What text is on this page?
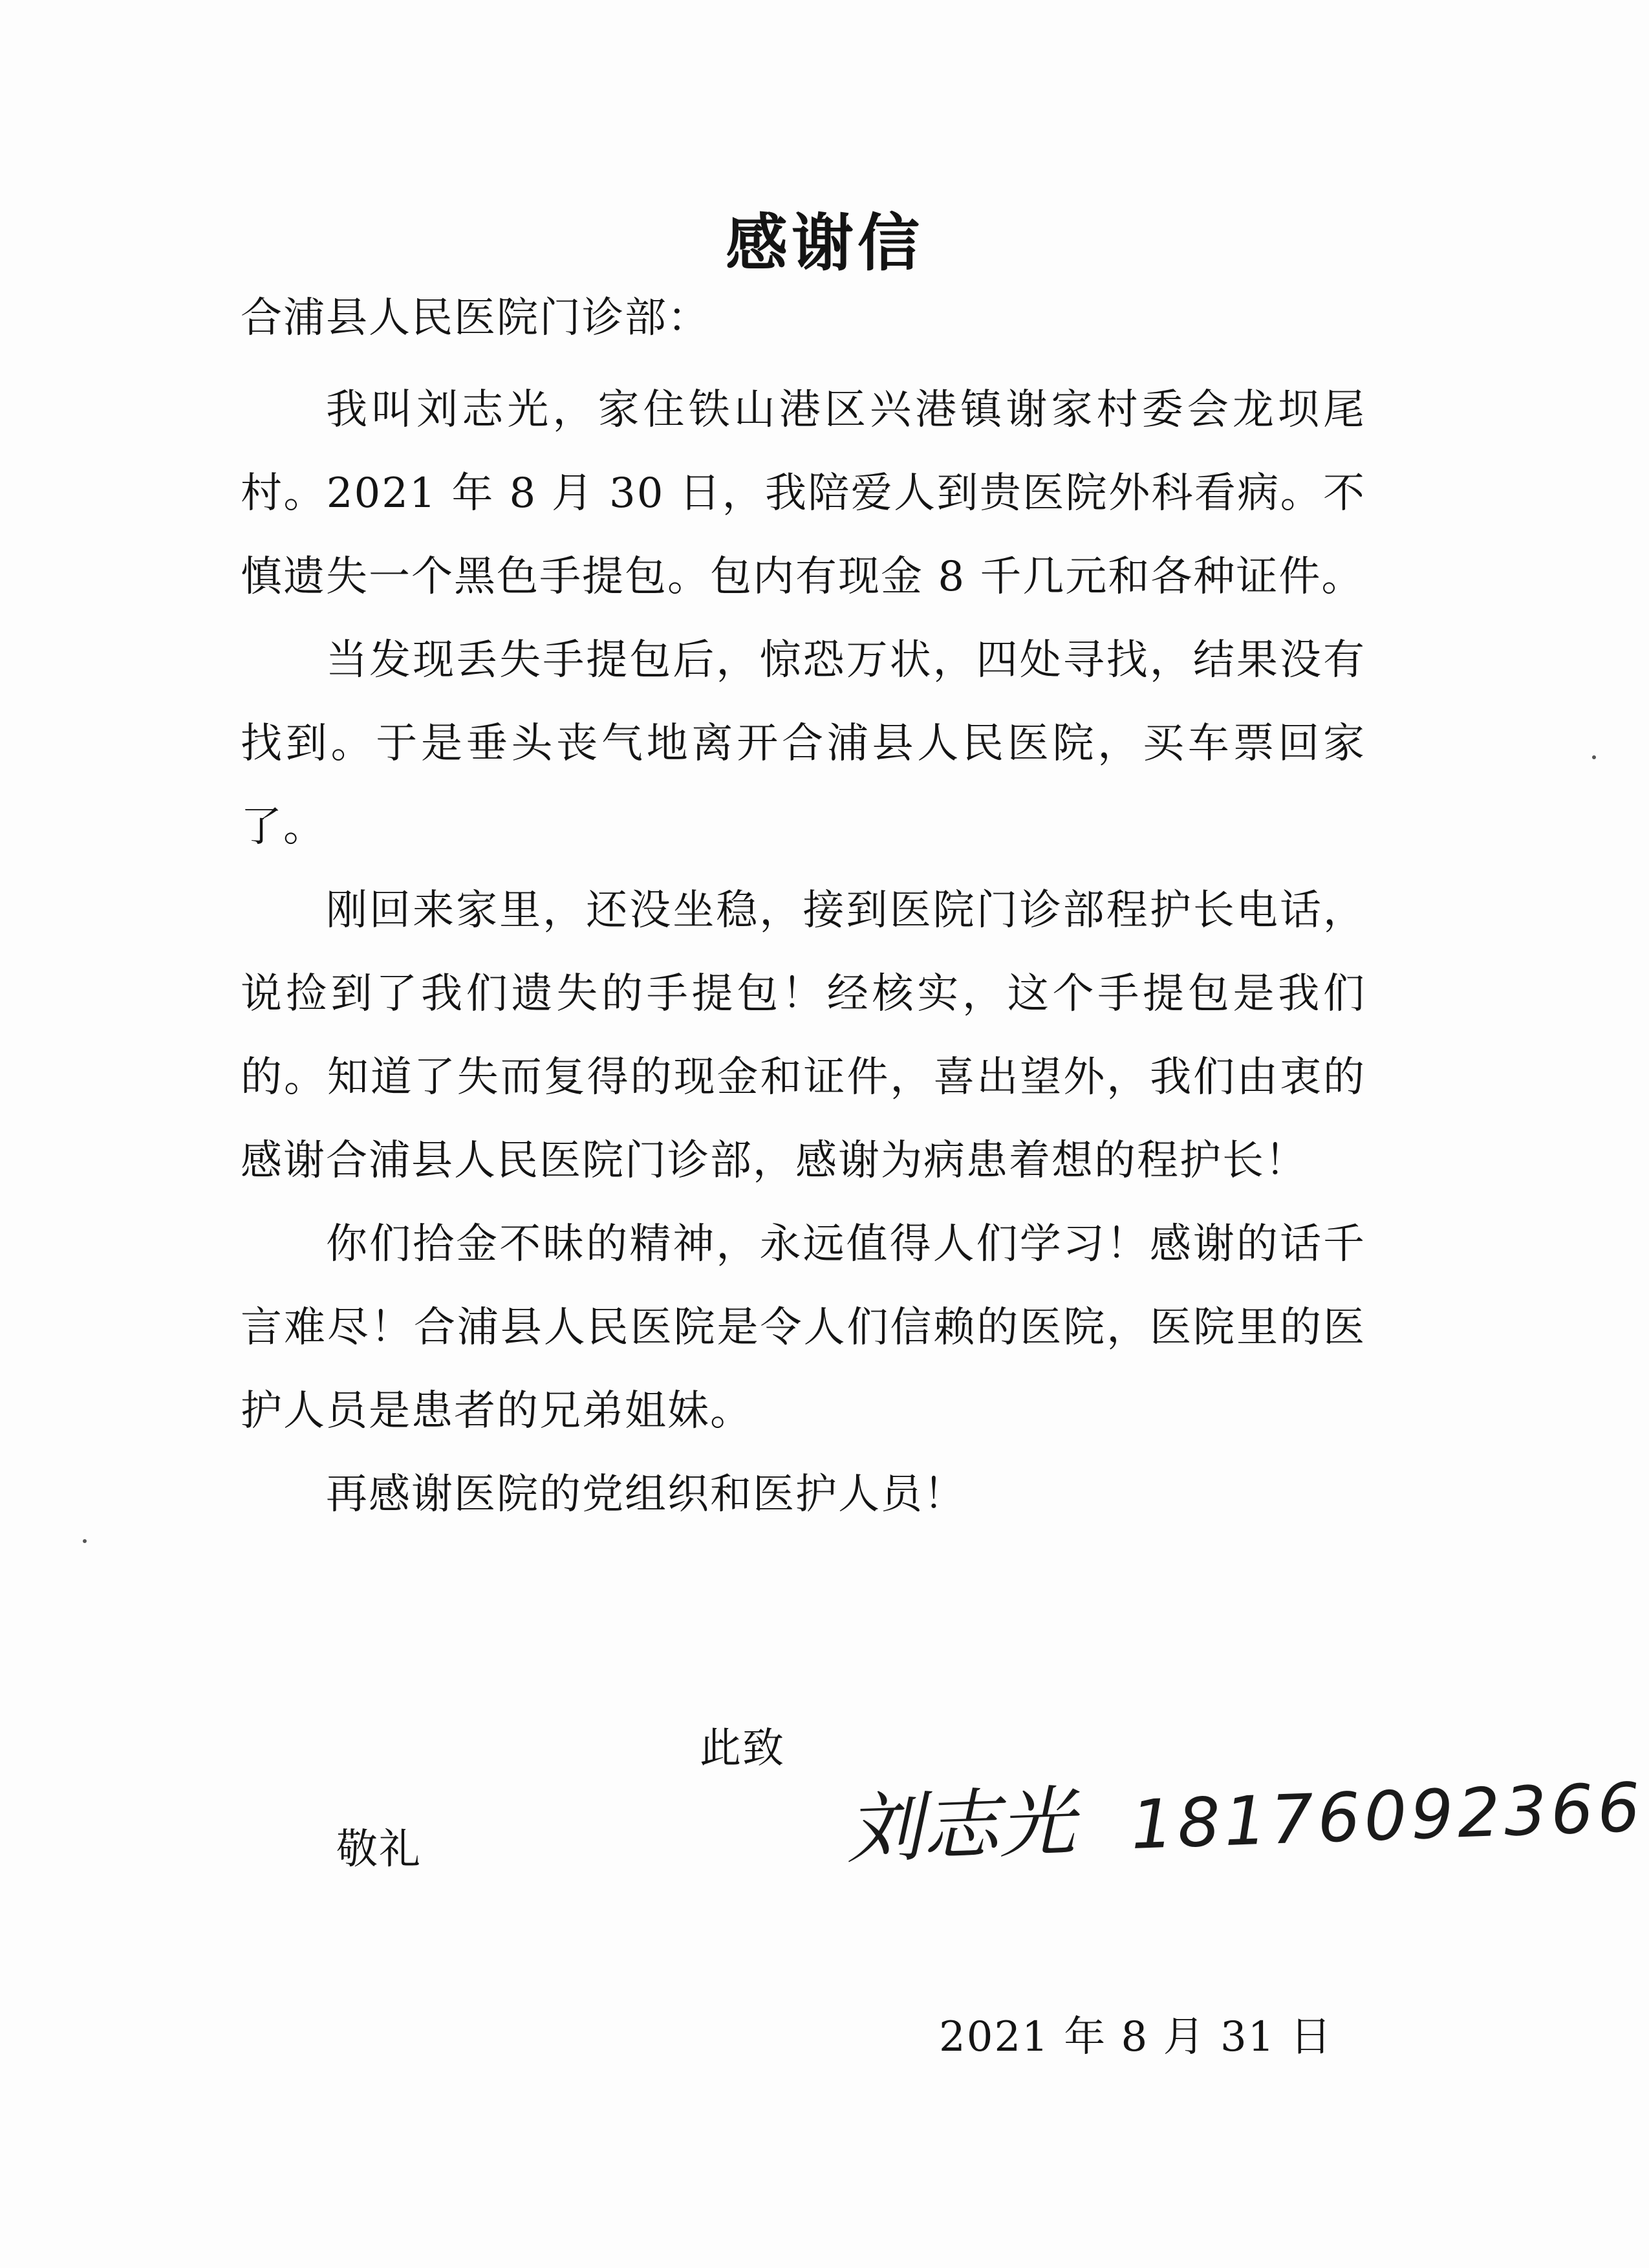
感谢信
合浦县人民医院门诊部：

我叫刘志光，家住铁山港区兴港镇谢家村委会龙坝尾村。2021 年 8 月 30 日，我陪爱人到贵医院外科看病。不慎遗失一个黑色手提包。包内有现金 8 千几元和各种证件。

当发现丢失手提包后，惊恐万状，四处寻找，结果没有找到。于是垂头丧气地离开合浦县人民医院，买车票回家了。

刚回来家里，还没坐稳，接到医院门诊部程护长电话，说捡到了我们遗失的手提包！经核实，这个手提包是我们的。知道了失而复得的现金和证件，喜出望外，我们由衷的感谢合浦县人民医院门诊部，感谢为病患着想的程护长！

你们拾金不昧的精神，永远值得人们学习！感谢的话千言难尽！合浦县人民医院是令人们信赖的医院，医院里的医护人员是患者的兄弟姐妹。

再感谢医院的党组织和医护人员！

此致
敬礼	刘志光 18176092366
2021 年 8 月 31 日
